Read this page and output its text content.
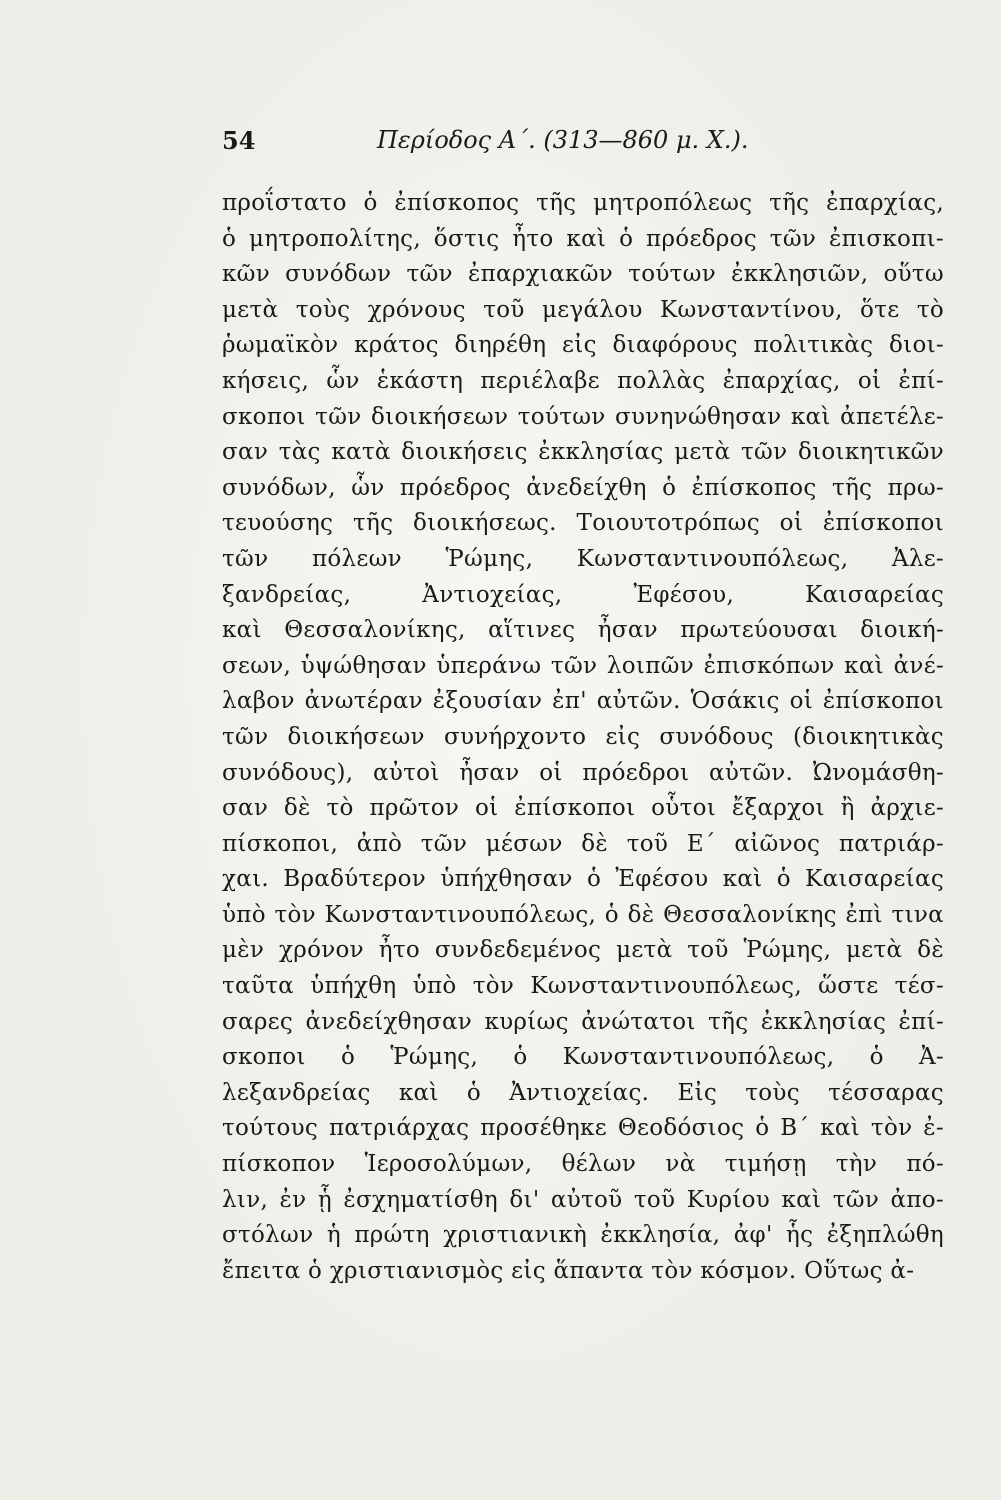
54	Περίοδος Α΄. (313—860 μ. Χ.).
προΐστατο ὁ ἐπίσκοπος τῆς μητροπόλεως τῆς ἐπαρχίας,
ὁ μητροπολίτης, ὅστις ἦτο καὶ ὁ πρόεδρος τῶν ἐπισκοπι-
κῶν συνόδων τῶν ἐπαρχιακῶν τούτων ἐκκλησιῶν, οὕτω
μετὰ τοὺς χρόνους τοῦ μεγάλου Κωνσταντίνου, ὅτε τὸ
ῥωμαϊκὸν κράτος διηρέθη εἰς διαφόρους πολιτικὰς διοι-
κήσεις, ὧν ἑκάστη περιέλαβε πολλὰς ἐπαρχίας, οἱ ἐπί-
σκοποι τῶν διοικήσεων τούτων συνηνώθησαν καὶ ἀπετέλε-
σαν τὰς κατὰ διοικήσεις ἐκκλησίας μετὰ τῶν διοικητικῶν
συνόδων, ὧν πρόεδρος ἀνεδείχθη ὁ ἐπίσκοπος τῆς πρω-
τευούσης τῆς διοικήσεως. Τοιουτοτρόπως οἱ ἐπίσκοποι
τῶν πόλεων Ῥώμης, Κωνσταντινουπόλεως, Ἀλε-
ξανδρείας, Ἀντιοχείας, Ἐφέσου, Καισαρείας
καὶ Θεσσαλονίκης, αἵτινες ἦσαν πρωτεύουσαι διοική-
σεων, ὑψώθησαν ὑπεράνω τῶν λοιπῶν ἐπισκόπων καὶ ἀνέ-
λαβον ἀνωτέραν ἐξουσίαν ἐπ' αὐτῶν. Ὁσάκις οἱ ἐπίσκοποι
τῶν διοικήσεων συνήρχοντο εἰς συνόδους (διοικητικὰς
συνόδους), αὐτοὶ ἦσαν οἱ πρόεδροι αὐτῶν. Ὠνομάσθη-
σαν δὲ τὸ πρῶτον οἱ ἐπίσκοποι οὗτοι ἔξαρχοι ἢ ἀρχιε-
πίσκοποι, ἀπὸ τῶν μέσων δὲ τοῦ Ε΄ αἰῶνος πατριάρ-
χαι. Βραδύτερον ὑπήχθησαν ὁ Ἐφέσου καὶ ὁ Καισαρείας
ὑπὸ τὸν Κωνσταντινουπόλεως, ὁ δὲ Θεσσαλονίκης ἐπὶ τινα
μὲν χρόνον ἦτο συνδεδεμένος μετὰ τοῦ Ῥώμης, μετὰ δὲ
ταῦτα ὑπήχθη ὑπὸ τὸν Κωνσταντινουπόλεως, ὥστε τέσ-
σαρες ἀνεδείχθησαν κυρίως ἀνώτατοι τῆς ἐκκλησίας ἐπί-
σκοποι ὁ Ῥώμης, ὁ Κωνσταντινουπόλεως, ὁ Ἀ-
λεξανδρείας καὶ ὁ Ἀντιοχείας. Εἰς τοὺς τέσσαρας
τούτους πατριάρχας προσέθηκε Θεοδόσιος ὁ Β΄ καὶ τὸν ἐ-
πίσκοπον Ἱεροσολύμων, θέλων νὰ τιμήσῃ τὴν πό-
λιν, ἐν ᾗ ἐσχηματίσθη δι' αὐτοῦ τοῦ Κυρίου καὶ τῶν ἀπο-
στόλων ἡ πρώτη χριστιανικὴ ἐκκλησία, ἀφ' ἧς ἐξηπλώθη
ἔπειτα ὁ χριστιανισμὸς εἰς ἅπαντα τὸν κόσμον. Οὕτως ἀ-
